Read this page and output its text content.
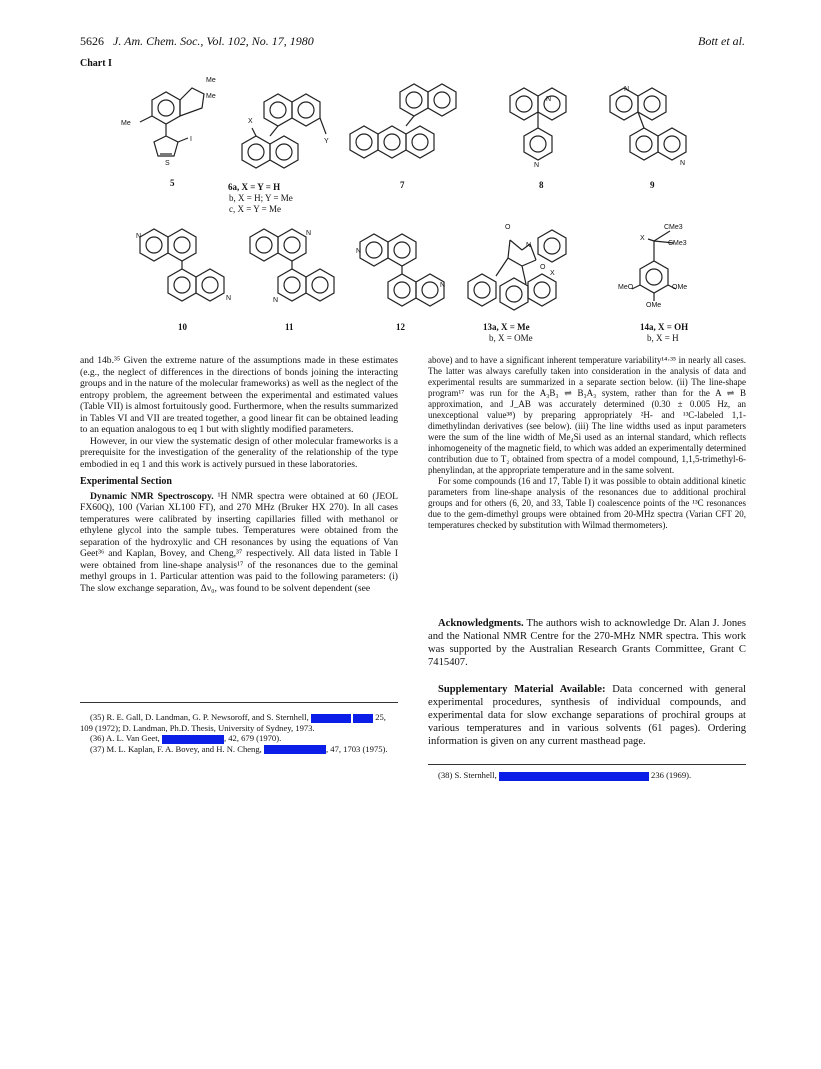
5626 J. Am. Chem. Soc., Vol. 102, No. 17, 1980	Bott et al.
Chart I
Me
Me
Me
S
I
5
X
Y
6a, X = Y = H
b, X = H; Y = Me
c, X = Y = Me
7
N
N
8
N
N
9
N
N
10
N
N
11
N
N
12
O
N
O
X
13a, X = Me
b, X = OMe
CMe3
CMe3
X
MeO	OMe
OMe
14a, X = OH
b, X = H

and 14b.³⁵ Given the extreme nature of the assumptions made in these estimates (e.g., the neglect of differences in the directions of bonds joining the interacting groups and in the nature of the molecular frameworks) as well as the neglect of the entropy problem, the agreement between the experimental and estimated values (Table VII) is almost fortuitously good. Furthermore, when the results summarized in Tables VI and VII are treated together, a good linear fit can be obtained leading to an equation analogous to eq 1 but with slightly modified parameters.

However, in our view the systematic design of other molecular frameworks is a prerequisite for the investigation of the generality of the relationship of the type embodied in eq 1 and this work is actively pursued in these laboratories.

Experimental Section

Dynamic NMR Spectroscopy. ¹H NMR spectra were obtained at 60 (JEOL FX60Q), 100 (Varian XL100 FT), and 270 MHz (Bruker HX 270). In all cases temperatures were calibrated by inserting capillaries filled with methanol or ethylene glycol into the sample tubes. Temperatures were obtained from the separation of the hydroxylic and CH resonances by using the equations of Van Geet³⁶ and Kaplan, Bovey, and Cheng,³⁷ respectively. All data listed in Table I were obtained from line-shape analysis¹⁷ of the resonances due to the geminal methyl groups in 1. Particular attention was paid to the following parameters: (i) The slow exchange separation, Δν₀, was found to be solvent dependent (see

(35) R. E. Gall, D. Landman, G. P. Newsoroff, and S. Sternhell,	25, 109 (1972); D. Landman, Ph.D. Thesis, University of Sydney, 1973.

(36) A. L. Van Geet,	, 42, 679 (1970).

(37) M. L. Kaplan, F. A. Bovey, and H. N. Cheng,	, 47, 1703 (1975).

above) and to have a significant inherent temperature variability¹⁴·³⁵ in nearly all cases. The latter was always carefully taken into consideration in the analysis of data and experimental results are summarized in a separate section below. (ii) The line-shape program¹⁷ was run for the A₃B₃ ⇌ B₃A₃ system, rather than for the A ⇌ B approximation, and J_AB was accurately determined (0.30 ± 0.005 Hz, an unexceptional value³⁸) by preparing appropriately ²H- and ¹³C-labeled 1,1-dimethylindan derivatives (see below). (iii) The line widths used as input parameters were the sum of the line width of Me₄Si used as an internal standard, which reflects inhomogeneity of the magnetic field, to which was added an experimentally determined contribution due to T₂ obtained from spectra of a model compound, 1,1,5-trimethyl-6-phenylindan, at the appropriate temperature and in the same solvent.

For some compounds (16 and 17, Table I) it was possible to obtain additional kinetic parameters from line-shape analysis of the resonances due to additional prochiral groups and for others (6, 20, and 33, Table I) coalescence points of the ¹³C resonances due to the gem-dimethyl groups were obtained from 20-MHz spectra (Varian CFT 20, temperatures checked by substitution with Wilmad thermometers).

Acknowledgments. The authors wish to acknowledge Dr. Alan J. Jones and the National NMR Centre for the 270-MHz NMR spectra. This work was supported by the Australian Research Grants Committee, Grant C 7415407.

Supplementary Material Available: Data concerned with general experimental procedures, synthesis of individual compounds, and experimental data for slow exchange separations of prochiral groups at various temperatures and in various solvents (61 pages). Ordering information is given on any current masthead page.

(38) S. Sternhell,	236 (1969).
